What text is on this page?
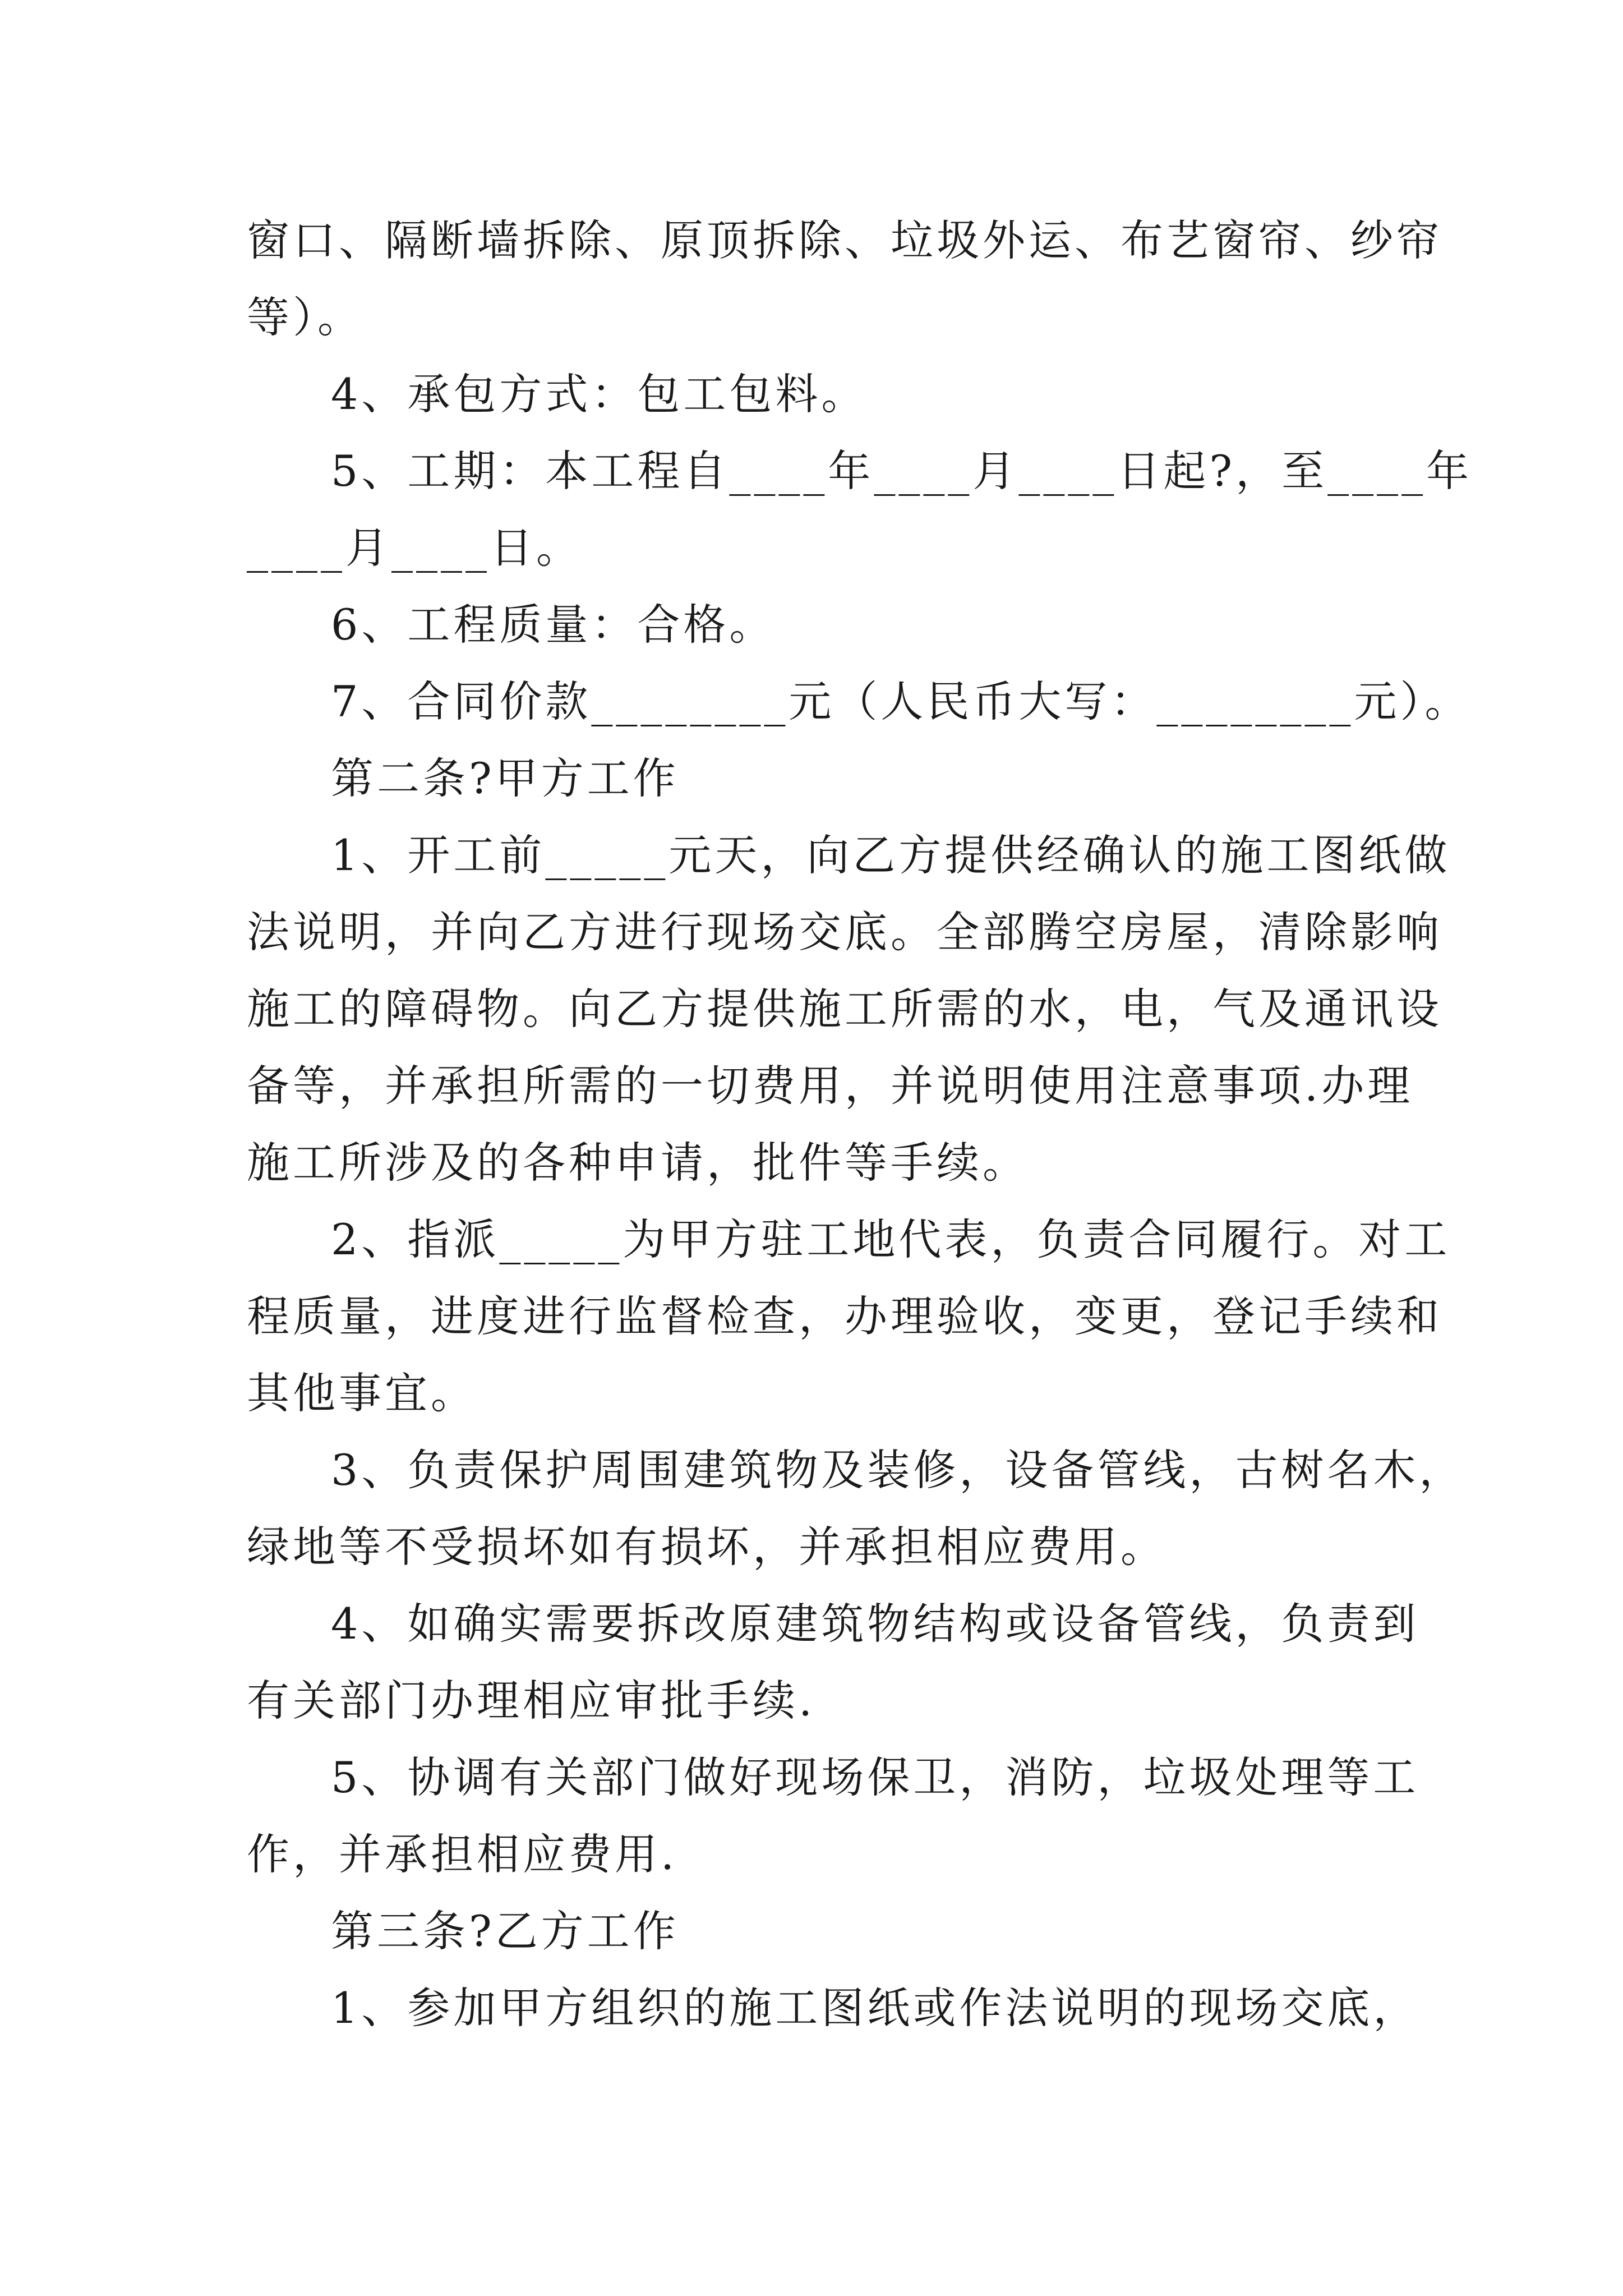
窗口、隔断墙拆除、原顶拆除、垃圾外运、布艺窗帘、纱帘
等）。
4、承包方式：包工包料。
5、工期：本工程自____年____月____日起?，至____年
____月____日。
6、工程质量：合格。
7、合同价款________元（人民币大写：________元）。
第二条?甲方工作
1、开工前_____元天，向乙方提供经确认的施工图纸做
法说明，并向乙方进行现场交底。全部腾空房屋，清除影响
施工的障碍物。向乙方提供施工所需的水，电，气及通讯设
备等，并承担所需的一切费用，并说明使用注意事项.办理
施工所涉及的各种申请，批件等手续。
2、指派_____为甲方驻工地代表，负责合同履行。对工
程质量，进度进行监督检查，办理验收，变更，登记手续和
其他事宜。
3、负责保护周围建筑物及装修，设备管线，古树名木，
绿地等不受损坏如有损坏，并承担相应费用。
4、如确实需要拆改原建筑物结构或设备管线，负责到
有关部门办理相应审批手续.
5、协调有关部门做好现场保卫，消防，垃圾处理等工
作，并承担相应费用.
第三条?乙方工作
1、参加甲方组织的施工图纸或作法说明的现场交底，
